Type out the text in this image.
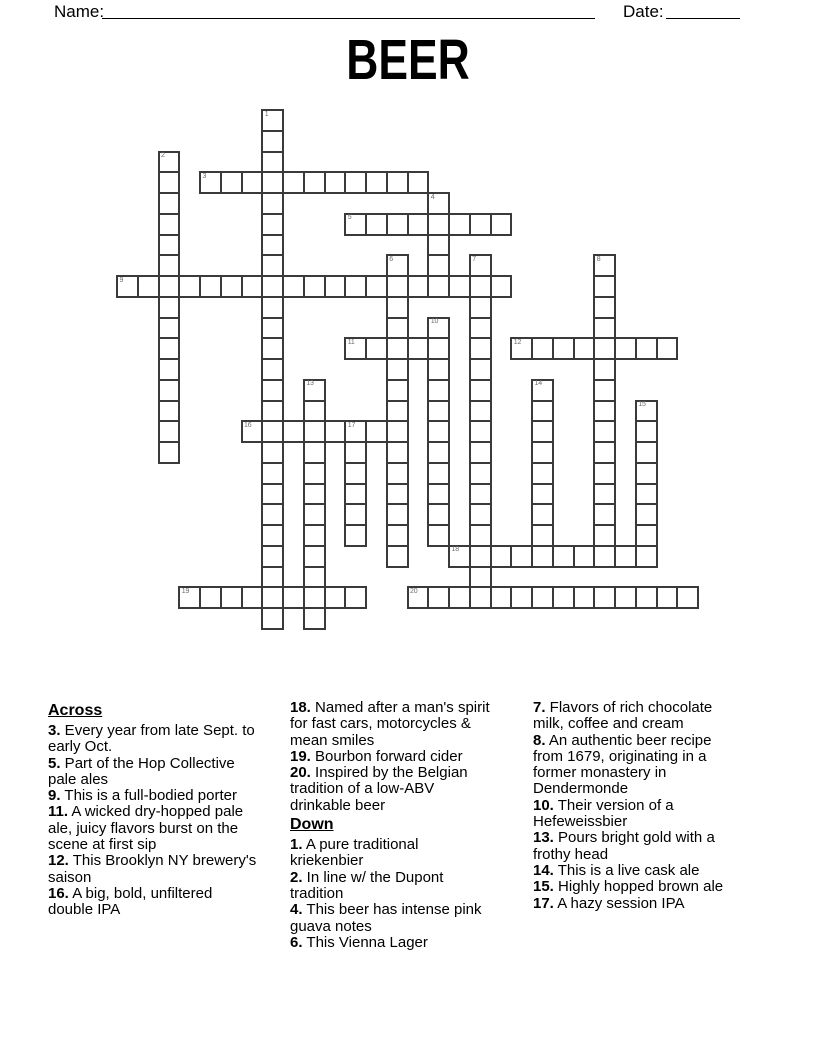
Name:	Date:
BEER
3
5
9
11	12
16	17
18
19	20
1
2
4
6	7	8
10
13	14
15
Across
3. Every year from late Sept. to early Oct.
5. Part of the Hop Collective pale ales
9. This is a full-bodied porter
11. A wicked dry-hopped pale ale, juicy flavors burst on the scene at first sip
12. This Brooklyn NY brewery's saison
16. A big, bold, unfiltered double IPA
18. Named after a man's spirit for fast cars, motorcycles & mean smiles
19. Bourbon forward cider
20. Inspired by the Belgian tradition of a low-ABV drinkable beer
Down
1. A pure traditional kriekenbier
2. In line w/ the Dupont tradition
4. This beer has intense pink guava notes
6. This Vienna Lager
7. Flavors of rich chocolate milk, coffee and cream
8. An authentic beer recipe from 1679, originating in a former monastery in Dendermonde
10. Their version of a Hefeweissbier
13. Pours bright gold with a frothy head
14. This is a live cask ale
15. Highly hopped brown ale
17. A hazy session IPA
